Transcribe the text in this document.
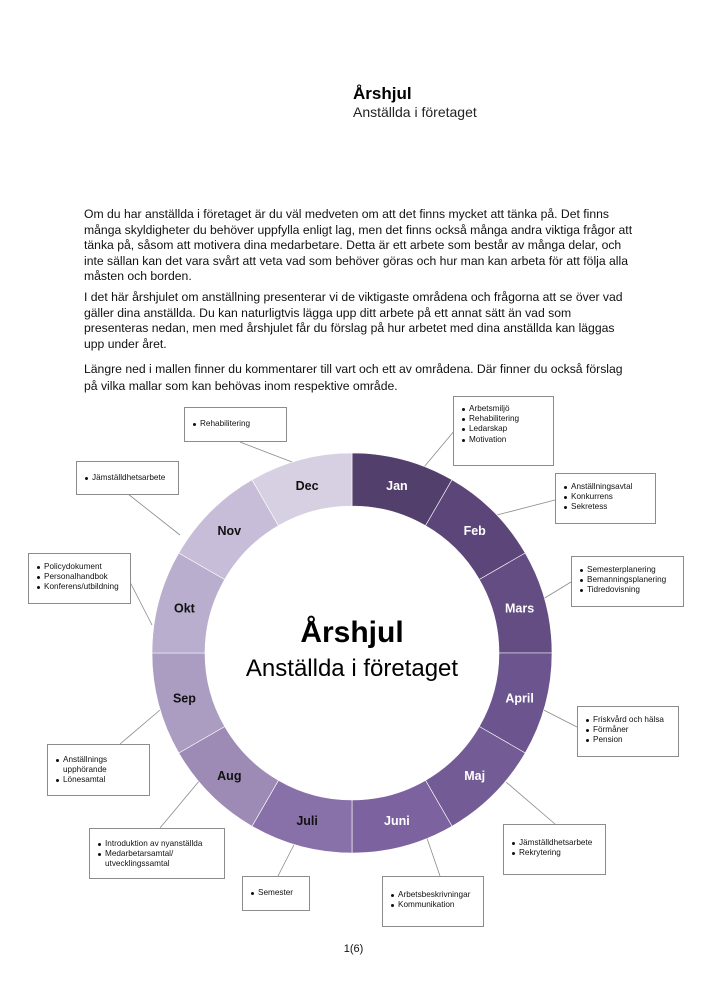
Årshjul
Anställda i företaget
Om du har anställda i företaget är du väl medveten om att det finns mycket att tänka på. Det finns många skyldigheter du behöver uppfylla enligt lag, men det finns också många andra viktiga frågor att tänka på, såsom att motivera dina medarbetare. Detta är ett arbete som består av många delar, och inte sällan kan det vara svårt att veta vad som behöver göras och hur man kan arbeta för att följa alla måsten och borden.
I det här årshjulet om anställning presenterar vi de viktigaste områdena och frågorna att se över vad gäller dina anställda. Du kan naturligtvis lägga upp ditt arbete på ett annat sätt än vad som presenteras nedan, men med årshjulet får du förslag på hur arbetet med dina anställda kan läggas upp under året.
Längre ned i mallen finner du kommentarer till vart och ett av områdena. Där finner du också förslag på vilka mallar som kan behövas inom respektive område.
Jan
Feb
Mars
April
Maj
Juni
Juli
Aug
Sep
Okt
Nov
Dec
Årshjul
Anställda i företaget
Arbetsmiljö
Rehabilitering
Ledarskap
Motivation
Anställningsavtal
Konkurrens
Sekretess
Semesterplanering
Bemanningsplanering
Tidredovisning
Friskvård och hälsa
Förmåner
Pension
Jämställdhetsarbete
Rekrytering
Arbetsbeskrivningar
Kommunikation
Semester
Introduktion av nyanställda
Medarbetarsamtal/ utvecklingssamtal
Anställnings upphörande
Lönesamtal
Policydokument
Personalhandbok
Konferens/utbildning
Jämställdhetsarbete
Rehabilitering
1(6)
